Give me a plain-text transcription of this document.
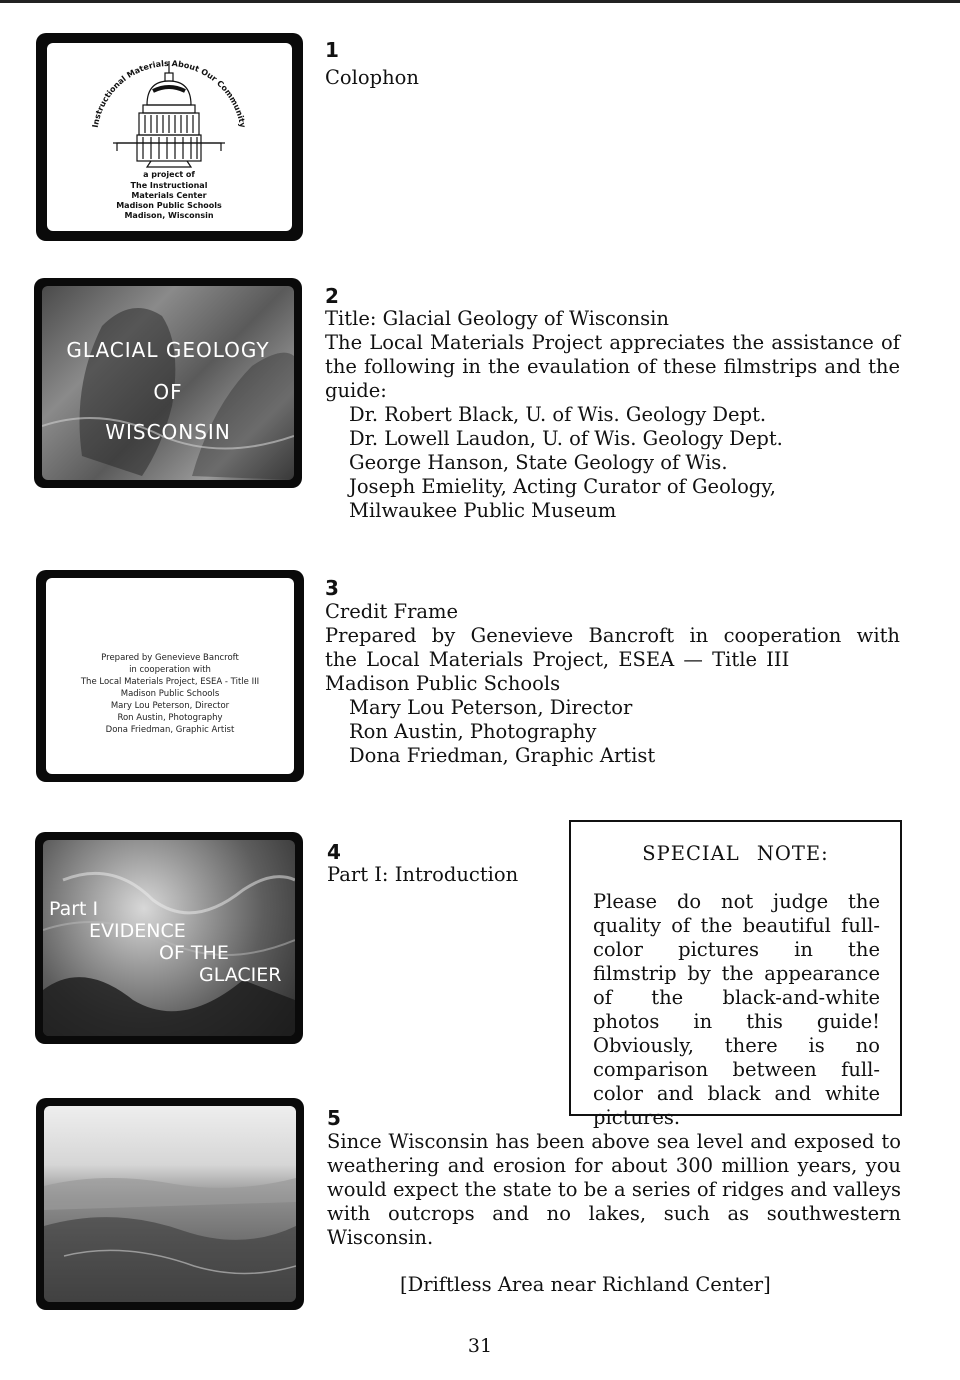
Instructional Materials About Our Community
a project of
The Instructional
Materials Center
Madison Public Schools
Madison, Wisconsin
1
Colophon
GLACIAL GEOLOGY
OF
WISCONSIN
2
Title: Glacial Geology of Wisconsin
The Local Materials Project appreciates the assistance of the following in the evaulation of these filmstrips and the guide:
Dr. Robert Black, U. of Wis. Geology Dept.
Dr. Lowell Laudon, U. of Wis. Geology Dept.
George Hanson, State Geology of Wis.
Joseph Emielity, Acting Curator of Geology,
Milwaukee Public Museum
Prepared by Genevieve Bancroft
in cooperation with
The Local Materials Project, ESEA - Title III
Madison Public Schools
Mary Lou Peterson, Director
Ron Austin, Photography
Dona Friedman, Graphic Artist
3
Credit Frame
Prepared by Genevieve Bancroft in cooperation with the Local Materials Project, ESEA — Title III
Madison Public Schools
Mary Lou Peterson, Director
Ron Austin, Photography
Dona Friedman, Graphic Artist
Part I
EVIDENCE
OF THE
GLACIER
4
Part I: Introduction
SPECIAL NOTE:
Please do not judge the quality of the beautiful full-color pictures in the filmstrip by the appearance of the black-and-white photos in this guide! Obviously, there is no comparison between full-color and black and white pictures.
5
Since Wisconsin has been above sea level and exposed to weathering and erosion for about 300 million years, you would expect the state to be a series of ridges and valleys with outcrops and no lakes, such as southwestern Wisconsin.
[Driftless Area near Richland Center]
31
